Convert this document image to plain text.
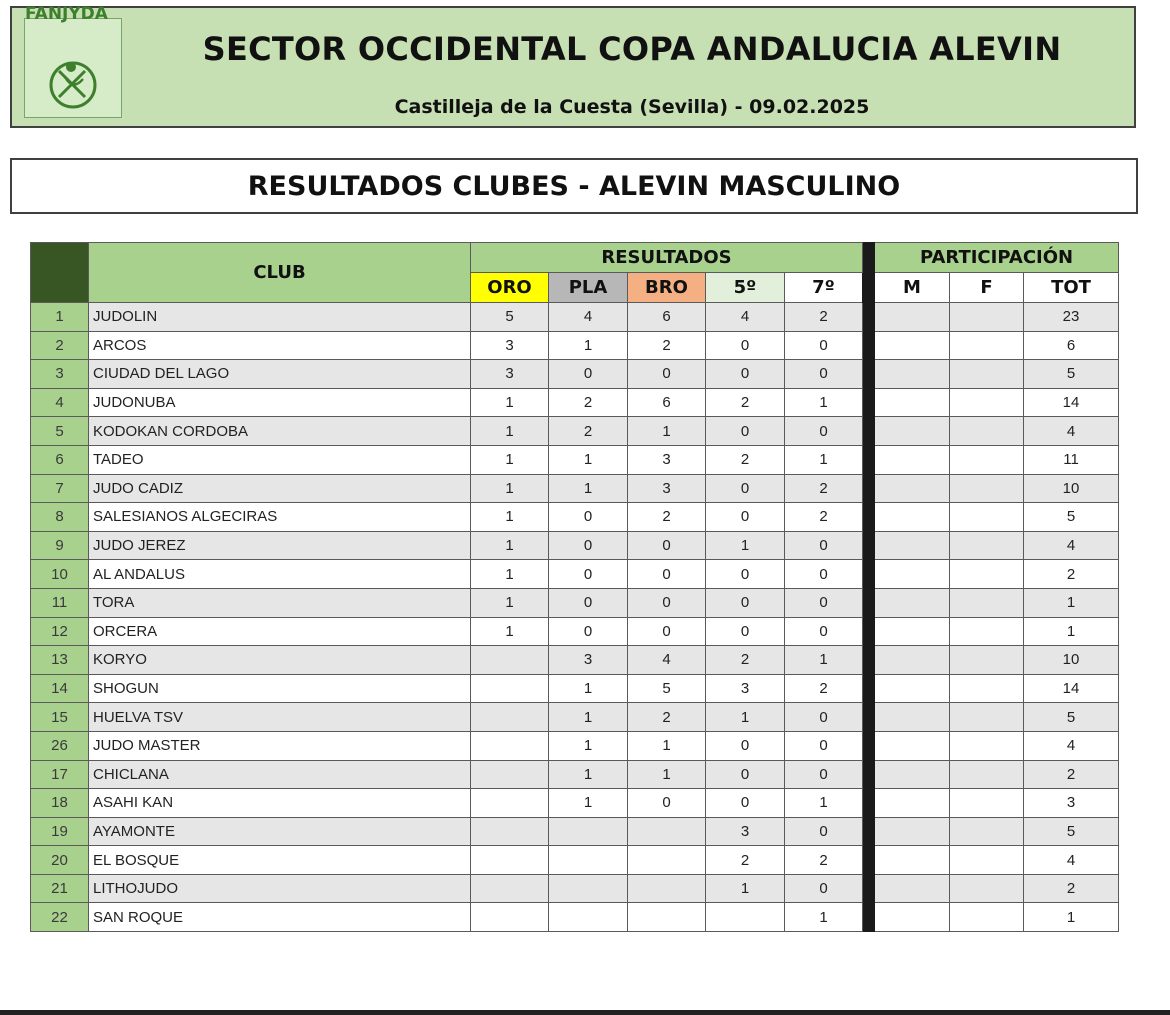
FANJYDA
SECTOR OCCIDENTAL COPA ANDALUCIA ALEVIN
Castilleja de la Cuesta (Sevilla) - 09.02.2025
RESULTADOS CLUBES - ALEVIN MASCULINO
	CLUB	RESULTADOS						PARTICIPACIÓN		
		ORO	PLA	BRO	5º	7º		M	F	TOT
1	JUDOLIN	5	4	6	4	2				23
2	ARCOS	3	1	2	0	0				6
3	CIUDAD DEL LAGO	3	0	0	0	0				5
4	JUDONUBA	1	2	6	2	1				14
5	KODOKAN CORDOBA	1	2	1	0	0				4
6	TADEO	1	1	3	2	1				11
7	JUDO CADIZ	1	1	3	0	2				10
8	SALESIANOS ALGECIRAS	1	0	2	0	2				5
9	JUDO JEREZ	1	0	0	1	0				4
10	AL ANDALUS	1	0	0	0	0				2
11	TORA	1	0	0	0	0				1
12	ORCERA	1	0	0	0	0				1
13	KORYO		3	4	2	1				10
14	SHOGUN		1	5	3	2				14
15	HUELVA TSV		1	2	1	0				5
26	JUDO MASTER		1	1	0	0				4
17	CHICLANA		1	1	0	0				2
18	ASAHI KAN		1	0	0	1				3
19	AYAMONTE				3	0				5
20	EL BOSQUE				2	2				4
21	LITHOJUDO				1	0				2
22	SAN ROQUE					1				1
